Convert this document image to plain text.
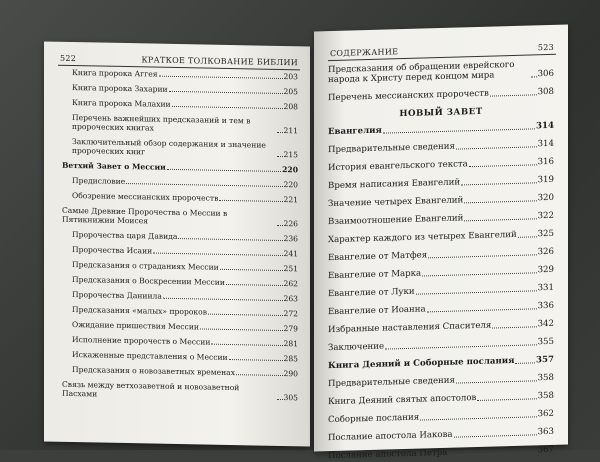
522	КРАТКОЕ ТОЛКОВАНИЕ БИБЛИИ
Книга пророка Аггея	203
Книга пророка Захарии	205
Книга пророка Малахии	208
Перечень важнейших предсказаний и тем в пророческих книгах	211
Заключительный обзор содержания и значение пророческих книг	215
Ветхий Завет о Мессии	220
Предисловие	220
Обозрение мессианских пророчеств	221
Самые Древние Пророчества о Мессии в Пятикнижии Моисея	226
Пророчества царя Давида	236
Пророчества Исаии	241
Предсказания о страданиях Мессии	251
Предсказания о Воскресении Мессии	262
Пророчества Даниила	263
Предсказания «малых» пророков	272
Ожидание пришествия Мессии	279
Исполнение пророчеств о Мессии	281
Искаженные представления о Мессии	285
Предсказания о новозаветных временах	290
Связь между ветхозаветной и новозаветной Пасхами	305
СОДЕРЖАНИЕ	523
Предсказания об обращении еврейского народа к Христу перед концом мира	306
Перечень мессианских пророчеств	308
НОВЫЙ ЗАВЕТ
Евангелия	314
Предварительные сведения	314
История евангельского текста	316
Время написания Евангелий	319
Значение четырех Евангелий	320
Взаимоотношение Евангелий	322
Характер каждого из четырех Евангелий 325
Евангелие от Матфея	326
Евангелие от Марка	329
Евангелие от Луки	331
Евангелие от Иоанна	336
Избранные наставления Спасителя	342
Заключение	355
Книга Деяний и Соборные послания	357
Предварительные сведения	358
Книга Деяний святых апостолов	358
Соборные послания	362
Послание апостола Иакова	363
Послание апостола Петра	367
